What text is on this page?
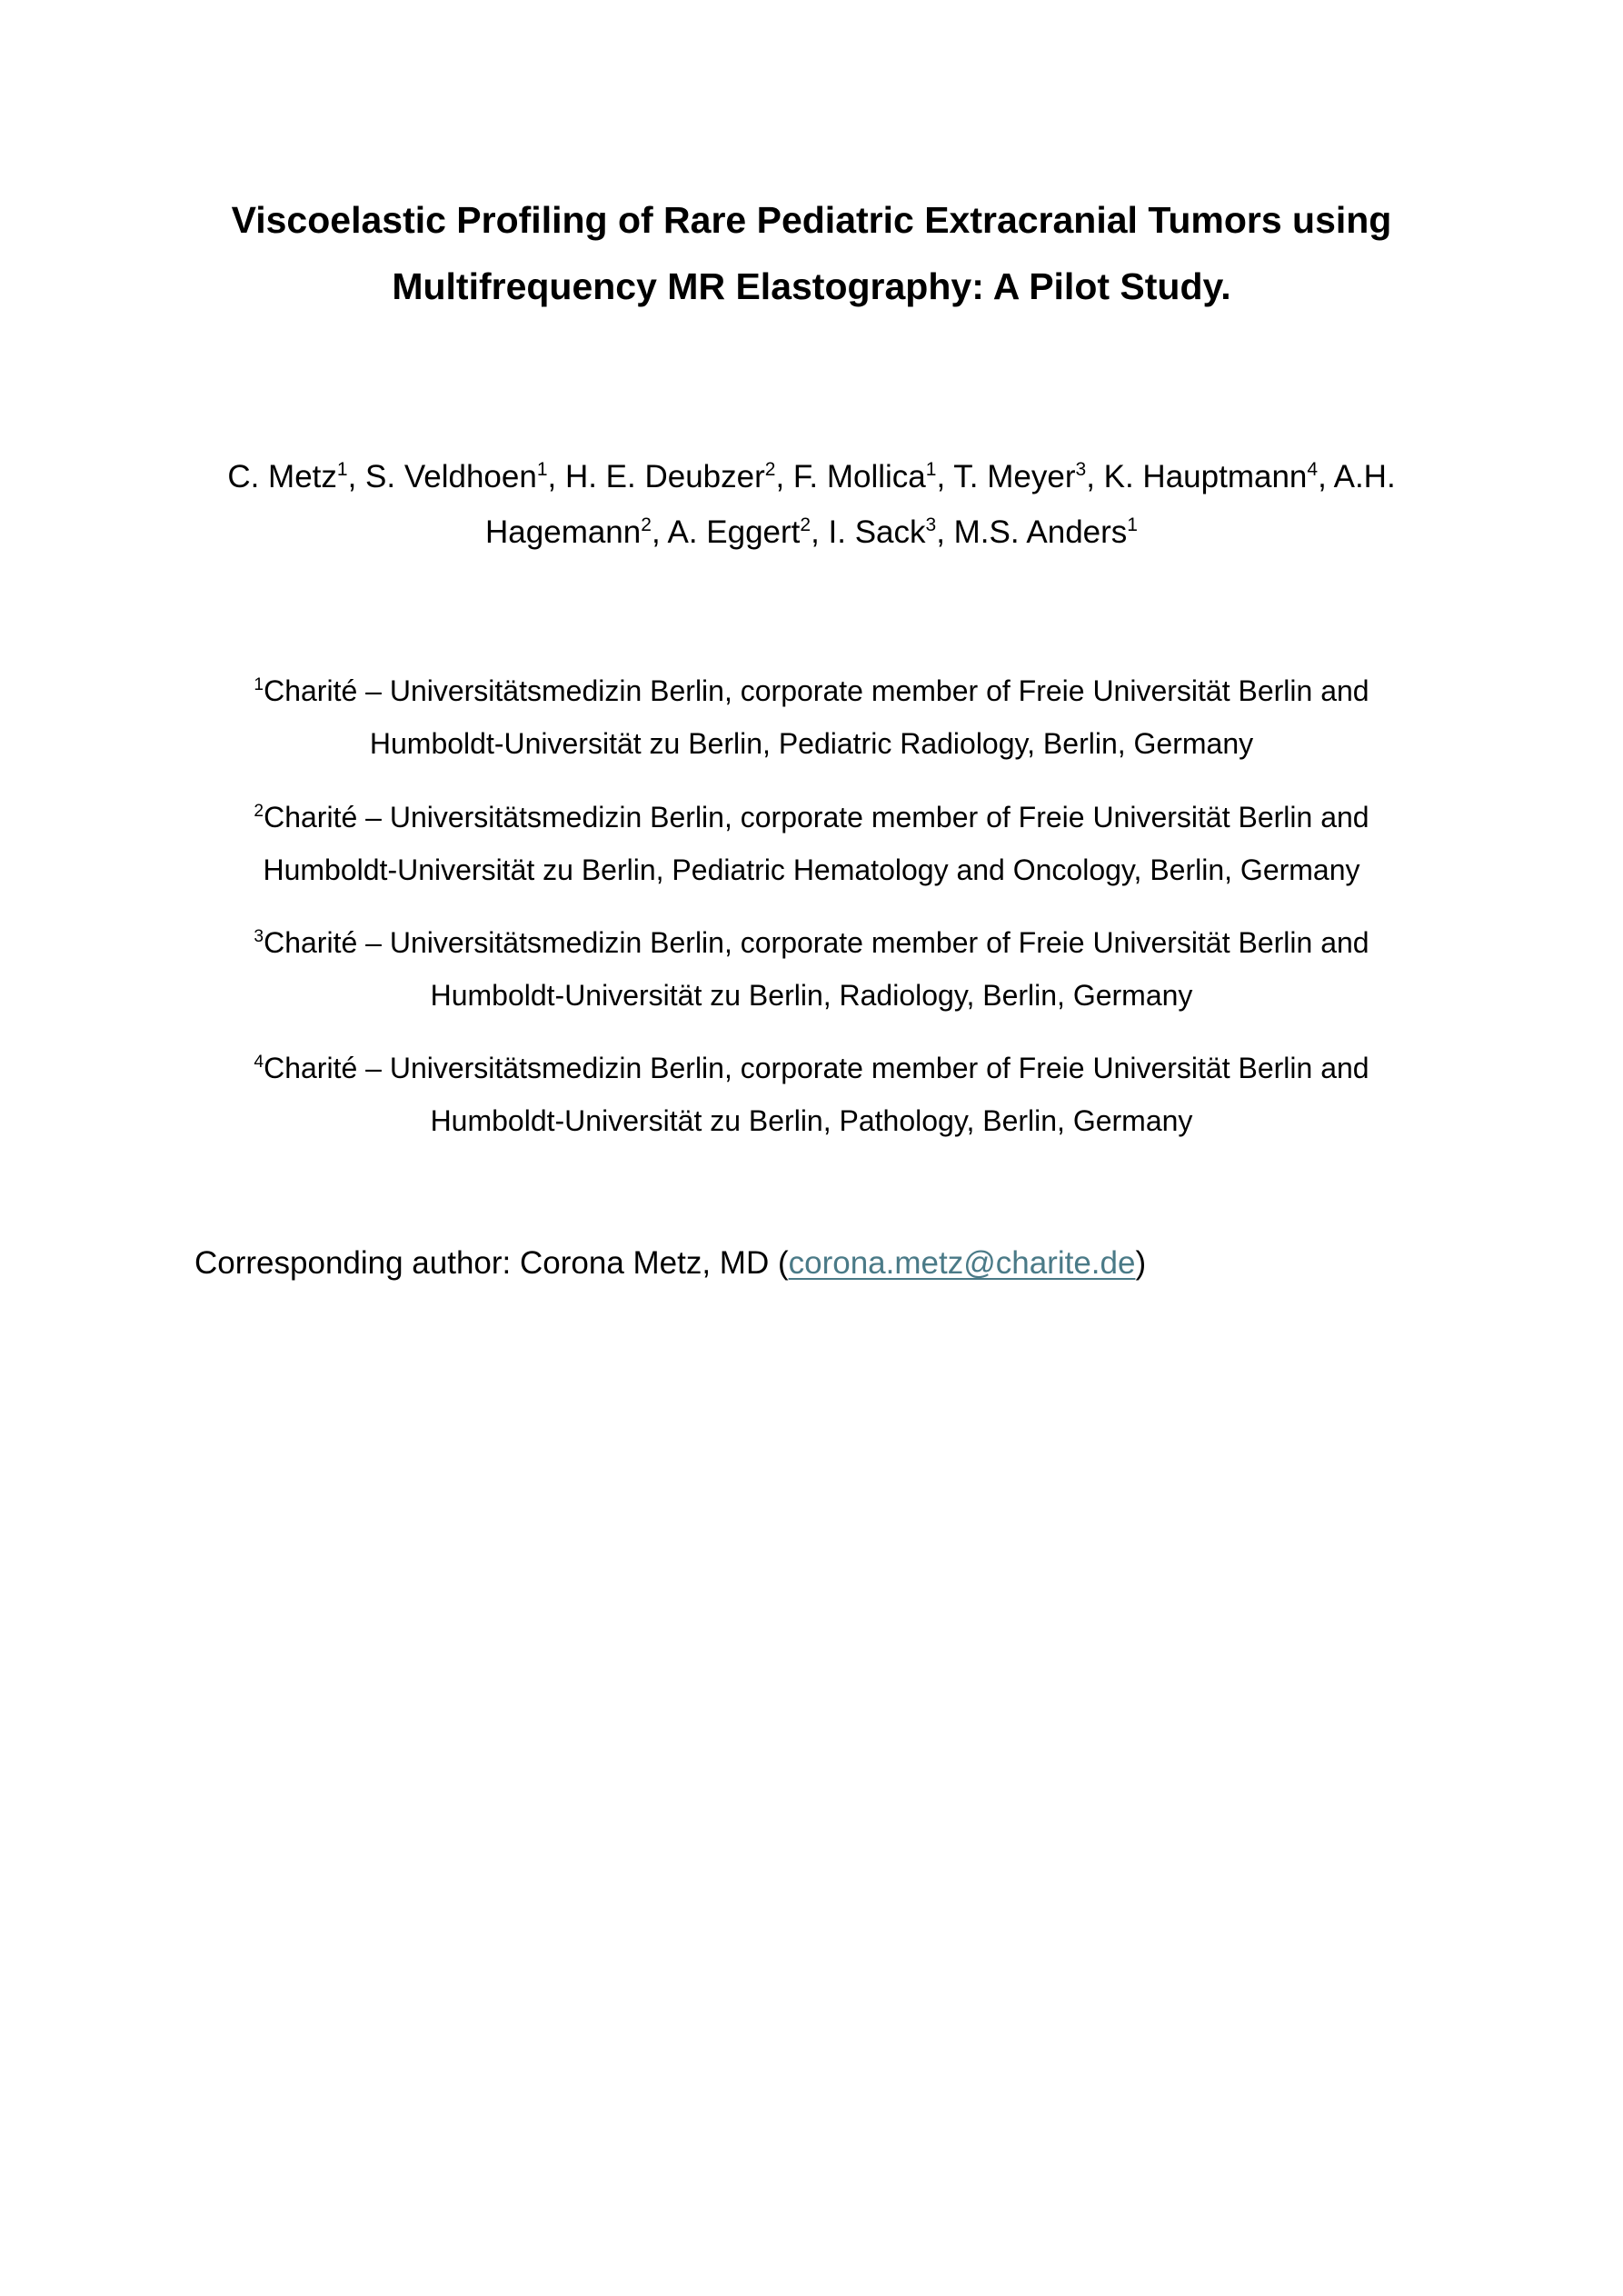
Viscoelastic Profiling of Rare Pediatric Extracranial Tumors using
Multifrequency MR Elastography: A Pilot Study.
C. Metz$^1$, S. Veldhoen$^1$, H. E. Deubzer$^2$, F. Mollica$^1$, T. Meyer$^3$, K. Hauptmann$^4$, A.H.
Hagemann$^2$, A. Eggert$^2$, I. Sack$^3$, M.S. Anders$^1$
$^1$Charité – Universitätsmedizin Berlin, corporate member of Freie Universität Berlin and
Humboldt-Universität zu Berlin, Pediatric Radiology, Berlin, Germany
$^2$Charité – Universitätsmedizin Berlin, corporate member of Freie Universität Berlin and
Humboldt-Universität zu Berlin, Pediatric Hematology and Oncology, Berlin, Germany
$^3$Charité – Universitätsmedizin Berlin, corporate member of Freie Universität Berlin and
Humboldt-Universität zu Berlin, Radiology, Berlin, Germany
$^4$Charité – Universitätsmedizin Berlin, corporate member of Freie Universität Berlin and
Humboldt-Universität zu Berlin, Pathology, Berlin, Germany
Corresponding author: Corona Metz, MD (corona.metz@charite.de)
